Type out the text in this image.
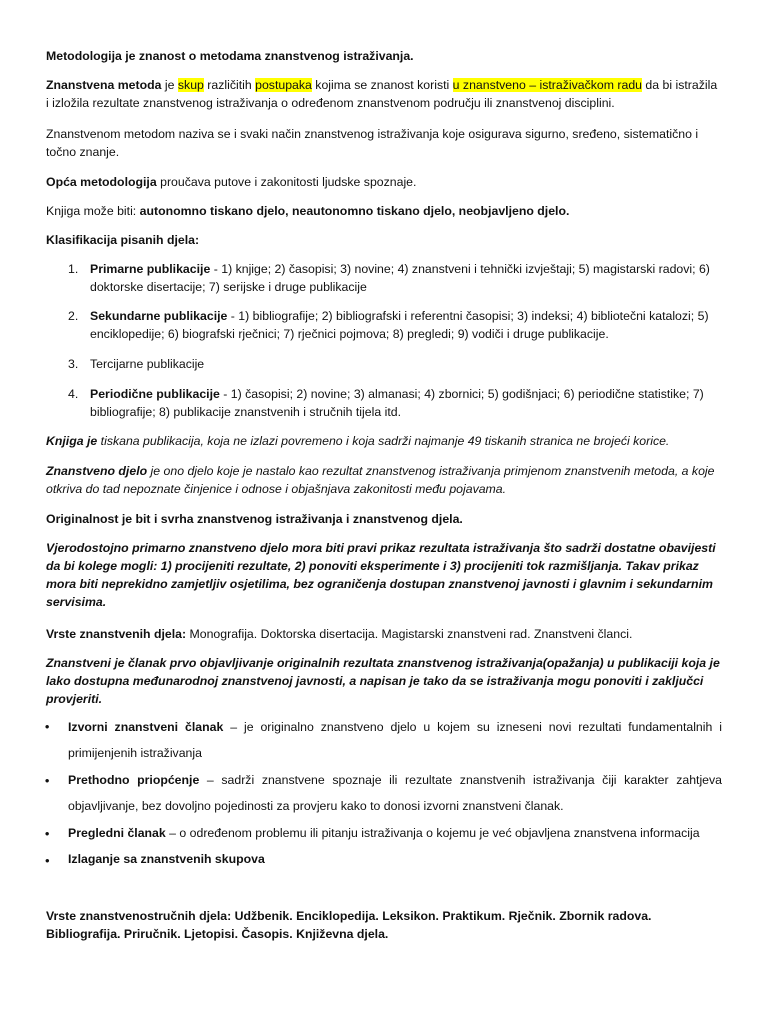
Metodologija je znanost o metodama znanstvenog istraživanja.

Znanstvena metoda je skup različitih postupaka kojima se znanost koristi u znanstveno – istraživačkom radu da bi istražila i izložila rezultate znanstvenog istraživanja o određenom znanstvenom području ili znanstvenoj disciplini.

Znanstvenom metodom naziva se i svaki način znanstvenog istraživanja koje osigurava sigurno, sređeno, sistematično i točno znanje.

Opća metodologija proučava putove i zakonitosti ljudske spoznaje.

Knjiga može biti: autonomno tiskano djelo, neautonomno tiskano djelo, neobjavljeno djelo.

Klasifikacija pisanih djela:

1. Primarne publikacije - 1) knjige; 2) časopisi; 3) novine; 4) znanstveni i tehnički izvještaji; 5) magistarski radovi; 6) doktorske disertacije; 7) serijske i druge publikacije

2. Sekundarne publikacije - 1) bibliografije; 2) bibliografski i referentni časopisi; 3) indeksi; 4) bibliotečni katalozi; 5) enciklopedije; 6) biografski rječnici; 7) rječnici pojmova; 8) pregledi; 9) vodiči i druge publikacije.

3. Tercijarne publikacije

4. Periodične publikacije - 1) časopisi; 2) novine; 3) almanasi; 4) zbornici; 5) godišnjaci; 6) periodične statistike; 7) bibliografije; 8) publikacije znanstvenih i stručnih tijela itd.

Knjiga je tiskana publikacija, koja ne izlazi povremeno i koja sadrži najmanje 49 tiskanih stranica ne brojeći korice.

Znanstveno djelo je ono djelo koje je nastalo kao rezultat znanstvenog istraživanja primjenom znanstvenih metoda, a koje otkriva do tad nepoznate činjenice i odnose i objašnjava zakonitosti među pojavama.

Originalnost je bit i svrha znanstvenog istraživanja i znanstvenog djela.

Vjerodostojno primarno znanstveno djelo mora biti pravi prikaz rezultata istraživanja što sadrži dostatne obavijesti da bi kolege mogli: 1) procijeniti rezultate, 2) ponoviti eksperimente i 3) procijeniti tok razmišljanja. Takav prikaz mora biti neprekidno zamjetljiv osjetilima, bez ograničenja dostupan znanstvenoj javnosti i glavnim i sekundarnim servisima.

Vrste znanstvenih djela: Monografija. Doktorska disertacija. Magistarski znanstveni rad. Znanstveni članci.

Znanstveni je članak prvo objavljivanje originalnih rezultata znanstvenog istraživanja(opažanja) u publikaciji koja je lako dostupna međunarodnoj znanstvenoj javnosti, a napisan je tako da se istraživanja mogu ponoviti i zaključci provjeriti.

• Izvorni znanstveni članak – je originalno znanstveno djelo u kojem su izneseni novi rezultati fundamentalnih i primijenjenih istraživanja

• Prethodno priopćenje – sadrži znanstvene spoznaje ili rezultate znanstvenih istraživanja čiji karakter zahtjeva objavljivanje, bez dovoljno pojedinosti za provjeru kako to donosi izvorni znanstveni članak.

• Pregledni članak – o određenom problemu ili pitanju istraživanja o kojemu je već objavljena znanstvena informacija

• Izlaganje sa znanstvenih skupova

Vrste znanstvenostručnih djela: Udžbenik. Enciklopedija. Leksikon. Praktikum. Rječnik. Zbornik radova. Bibliografija. Priručnik. Ljetopisi. Časopis. Književna djela.
